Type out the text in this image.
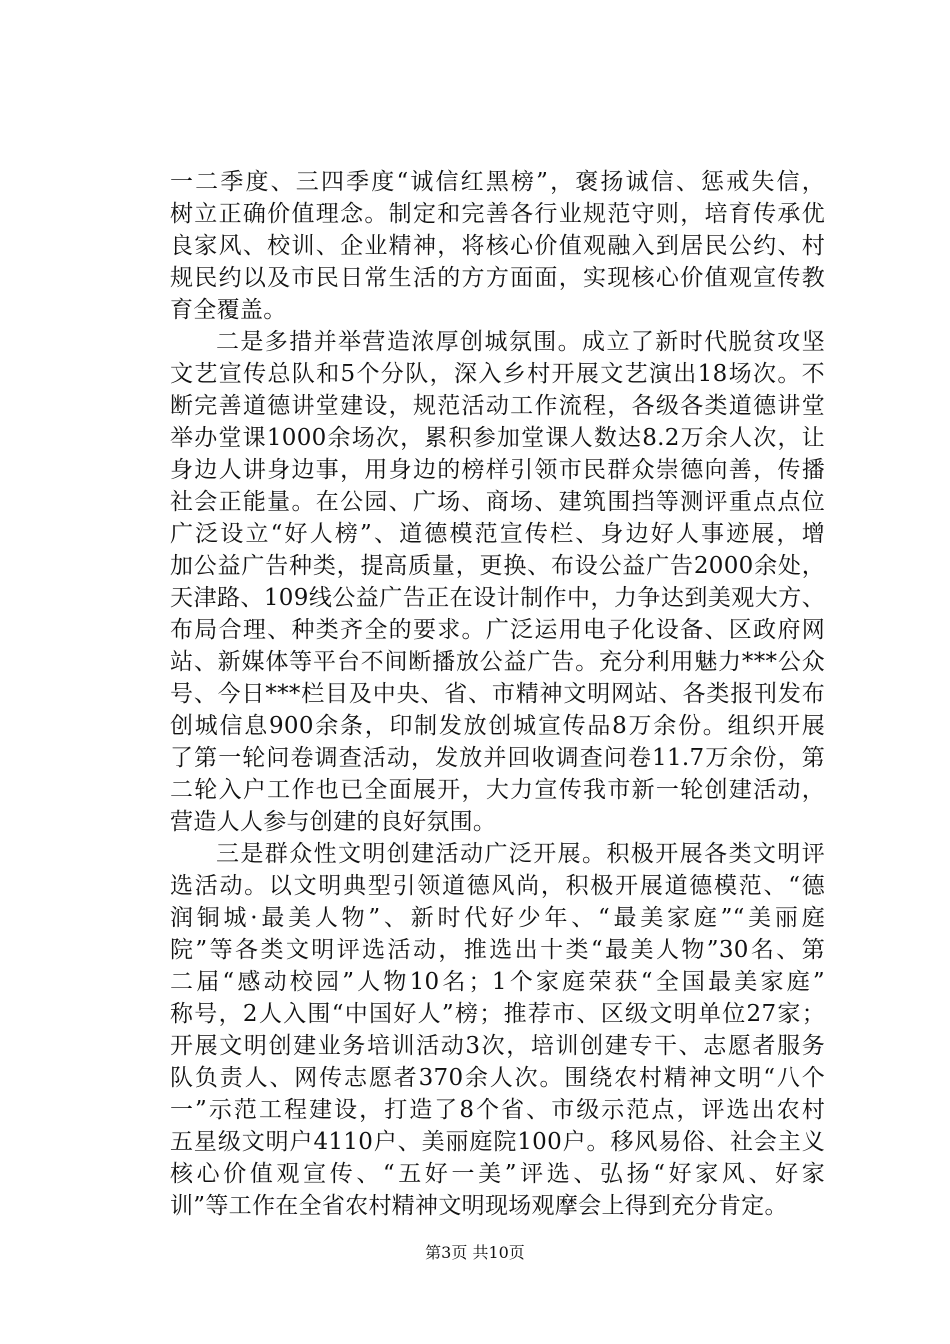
一二季度、三四季度“诚信红黑榜”，褒扬诚信、惩戒失信，
树立正确价值理念。制定和完善各行业规范守则，培育传承优
良家风、校训、企业精神，将核心价值观融入到居民公约、村
规民约以及市民日常生活的方方面面，实现核心价值观宣传教
育全覆盖。
二是多措并举营造浓厚创城氛围。成立了新时代脱贫攻坚
文艺宣传总队和5个分队，深入乡村开展文艺演出18场次。不
断完善道德讲堂建设，规范活动工作流程，各级各类道德讲堂
举办堂课1000余场次，累积参加堂课人数达8.2万余人次，让
身边人讲身边事，用身边的榜样引领市民群众崇德向善，传播
社会正能量。在公园、广场、商场、建筑围挡等测评重点点位
广泛设立“好人榜”、道德模范宣传栏、身边好人事迹展，增
加公益广告种类，提高质量，更换、布设公益广告2000余处，
天津路、109线公益广告正在设计制作中，力争达到美观大方、
布局合理、种类齐全的要求。广泛运用电子化设备、区政府网
站、新媒体等平台不间断播放公益广告。充分利用魅力***公众
号、今日***栏目及中央、省、市精神文明网站、各类报刊发布
创城信息900余条，印制发放创城宣传品8万余份。组织开展
了第一轮问卷调查活动，发放并回收调查问卷11.7万余份，第
二轮入户工作也已全面展开，大力宣传我市新一轮创建活动，
营造人人参与创建的良好氛围。
三是群众性文明创建活动广泛开展。积极开展各类文明评
选活动。以文明典型引领道德风尚，积极开展道德模范、“德
润铜城·最美人物”、新时代好少年、“最美家庭”“美丽庭
院”等各类文明评选活动，推选出十类“最美人物”30名、第
二届“感动校园”人物10名；1个家庭荣获“全国最美家庭”
称号，2人入围“中国好人”榜；推荐市、区级文明单位27家；
开展文明创建业务培训活动3次，培训创建专干、志愿者服务
队负责人、网传志愿者370余人次。围绕农村精神文明“八个
一”示范工程建设，打造了8个省、市级示范点，评选出农村
五星级文明户4110户、美丽庭院100户。移风易俗、社会主义
核心价值观宣传、“五好一美”评选、弘扬“好家风、好家
训”等工作在全省农村精神文明现场观摩会上得到充分肯定。
第3页 共10页
